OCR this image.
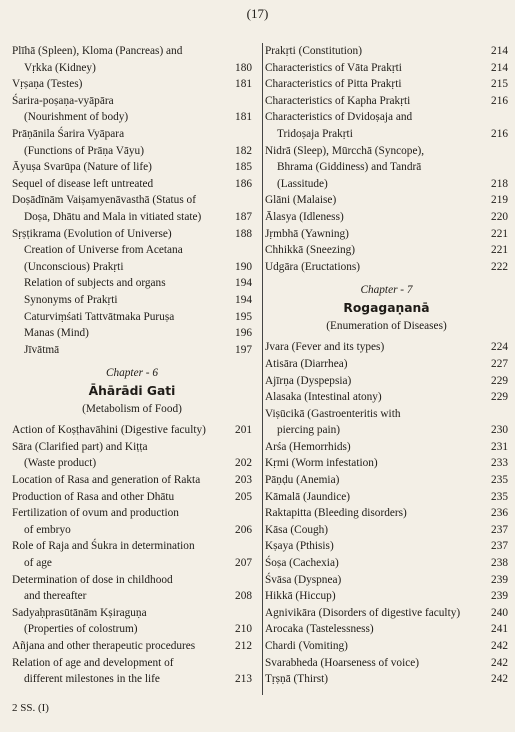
(17)
Plīhā (Spleen), Kloma (Pancreas) and
Vṛkka (Kidney)	180
Vṛṣaṇa (Testes)	181
Śarira-poṣaṇa-vyāpāra
(Nourishment of body)	181
Prāṇānila Śarira Vyāpara
(Functions of Prāṇa Vāyu)	182
Āyuṣa Svarūpa (Nature of life)	185
Sequel of disease left untreated	186
Doṣādīnām Vaiṣamyenāvasthā (Status of
Doṣa, Dhātu and Mala in vitiated state)	187
Sṛṣṭikrama (Evolution of Universe)	188
Creation of Universe from Acetana
(Unconscious) Prakṛti	190
Relation of subjects and organs	194
Synonyms of Prakṛti	194
Caturviṃśati Tattvātmaka Puruṣa	195
Manas (Mind)	196
Jīvātmā	197
Chapter - 6
Āhārādi Gati
(Metabolism of Food)
Action of Koṣṭhavāhini (Digestive faculty)	201
Sāra (Clarified part) and Kiṭṭa
(Waste product)	202
Location of Rasa and generation of Rakta	203
Production of Rasa and other Dhātu	205
Fertilization of ovum and production
of embryo	206
Role of Raja and Śukra in determination
of age	207
Determination of dose in childhood
and thereafter	208
Sadyaḥprasūtānām Kṣiraguṇa
(Properties of colostrum)	210
Añjana and other therapeutic procedures	212
Relation of age and development of
different milestones in the life	213
Prakṛti (Constitution)	214
Characteristics of Vāta Prakṛti	214
Characteristics of Pitta Prakṛti	215
Characteristics of Kapha Prakṛti	216
Characteristics of Dvidoṣaja and
Tridoṣaja Prakṛti	216
Nidrā (Sleep), Mūrcchā (Syncope),
Bhrama (Giddiness) and Tandrā
(Lassitude)	218
Glāni (Malaise)	219
Ālasya (Idleness)	220
Jṛmbhā (Yawning)	221
Chhikkā (Sneezing)	221
Udgāra (Eructations)	222
Chapter - 7
Rogagaṇanā
(Enumeration of Diseases)
Jvara (Fever and its types)	224
Atisāra (Diarrhea)	227
Ajīrṇa (Dyspepsia)	229
Alasaka (Intestinal atony)	229
Viṣūcikā (Gastroenteritis with
piercing pain)	230
Arśa (Hemorrhids)	231
Kṛmi (Worm infestation)	233
Pāṇḍu (Anemia)	235
Kāmalā (Jaundice)	235
Raktapitta (Bleeding disorders)	236
Kāsa (Cough)	237
Kṣaya (Pthisis)	237
Śoṣa (Cachexia)	238
Śvāsa (Dyspnea)	239
Hikkā (Hiccup)	239
Agnivikāra (Disorders of digestive faculty)	240
Arocaka (Tastelessness)	241
Chardi (Vomiting)	242
Svarabheda (Hoarseness of voice)	242
Tṛṣṇā (Thirst)	242
2 SS. (I)
